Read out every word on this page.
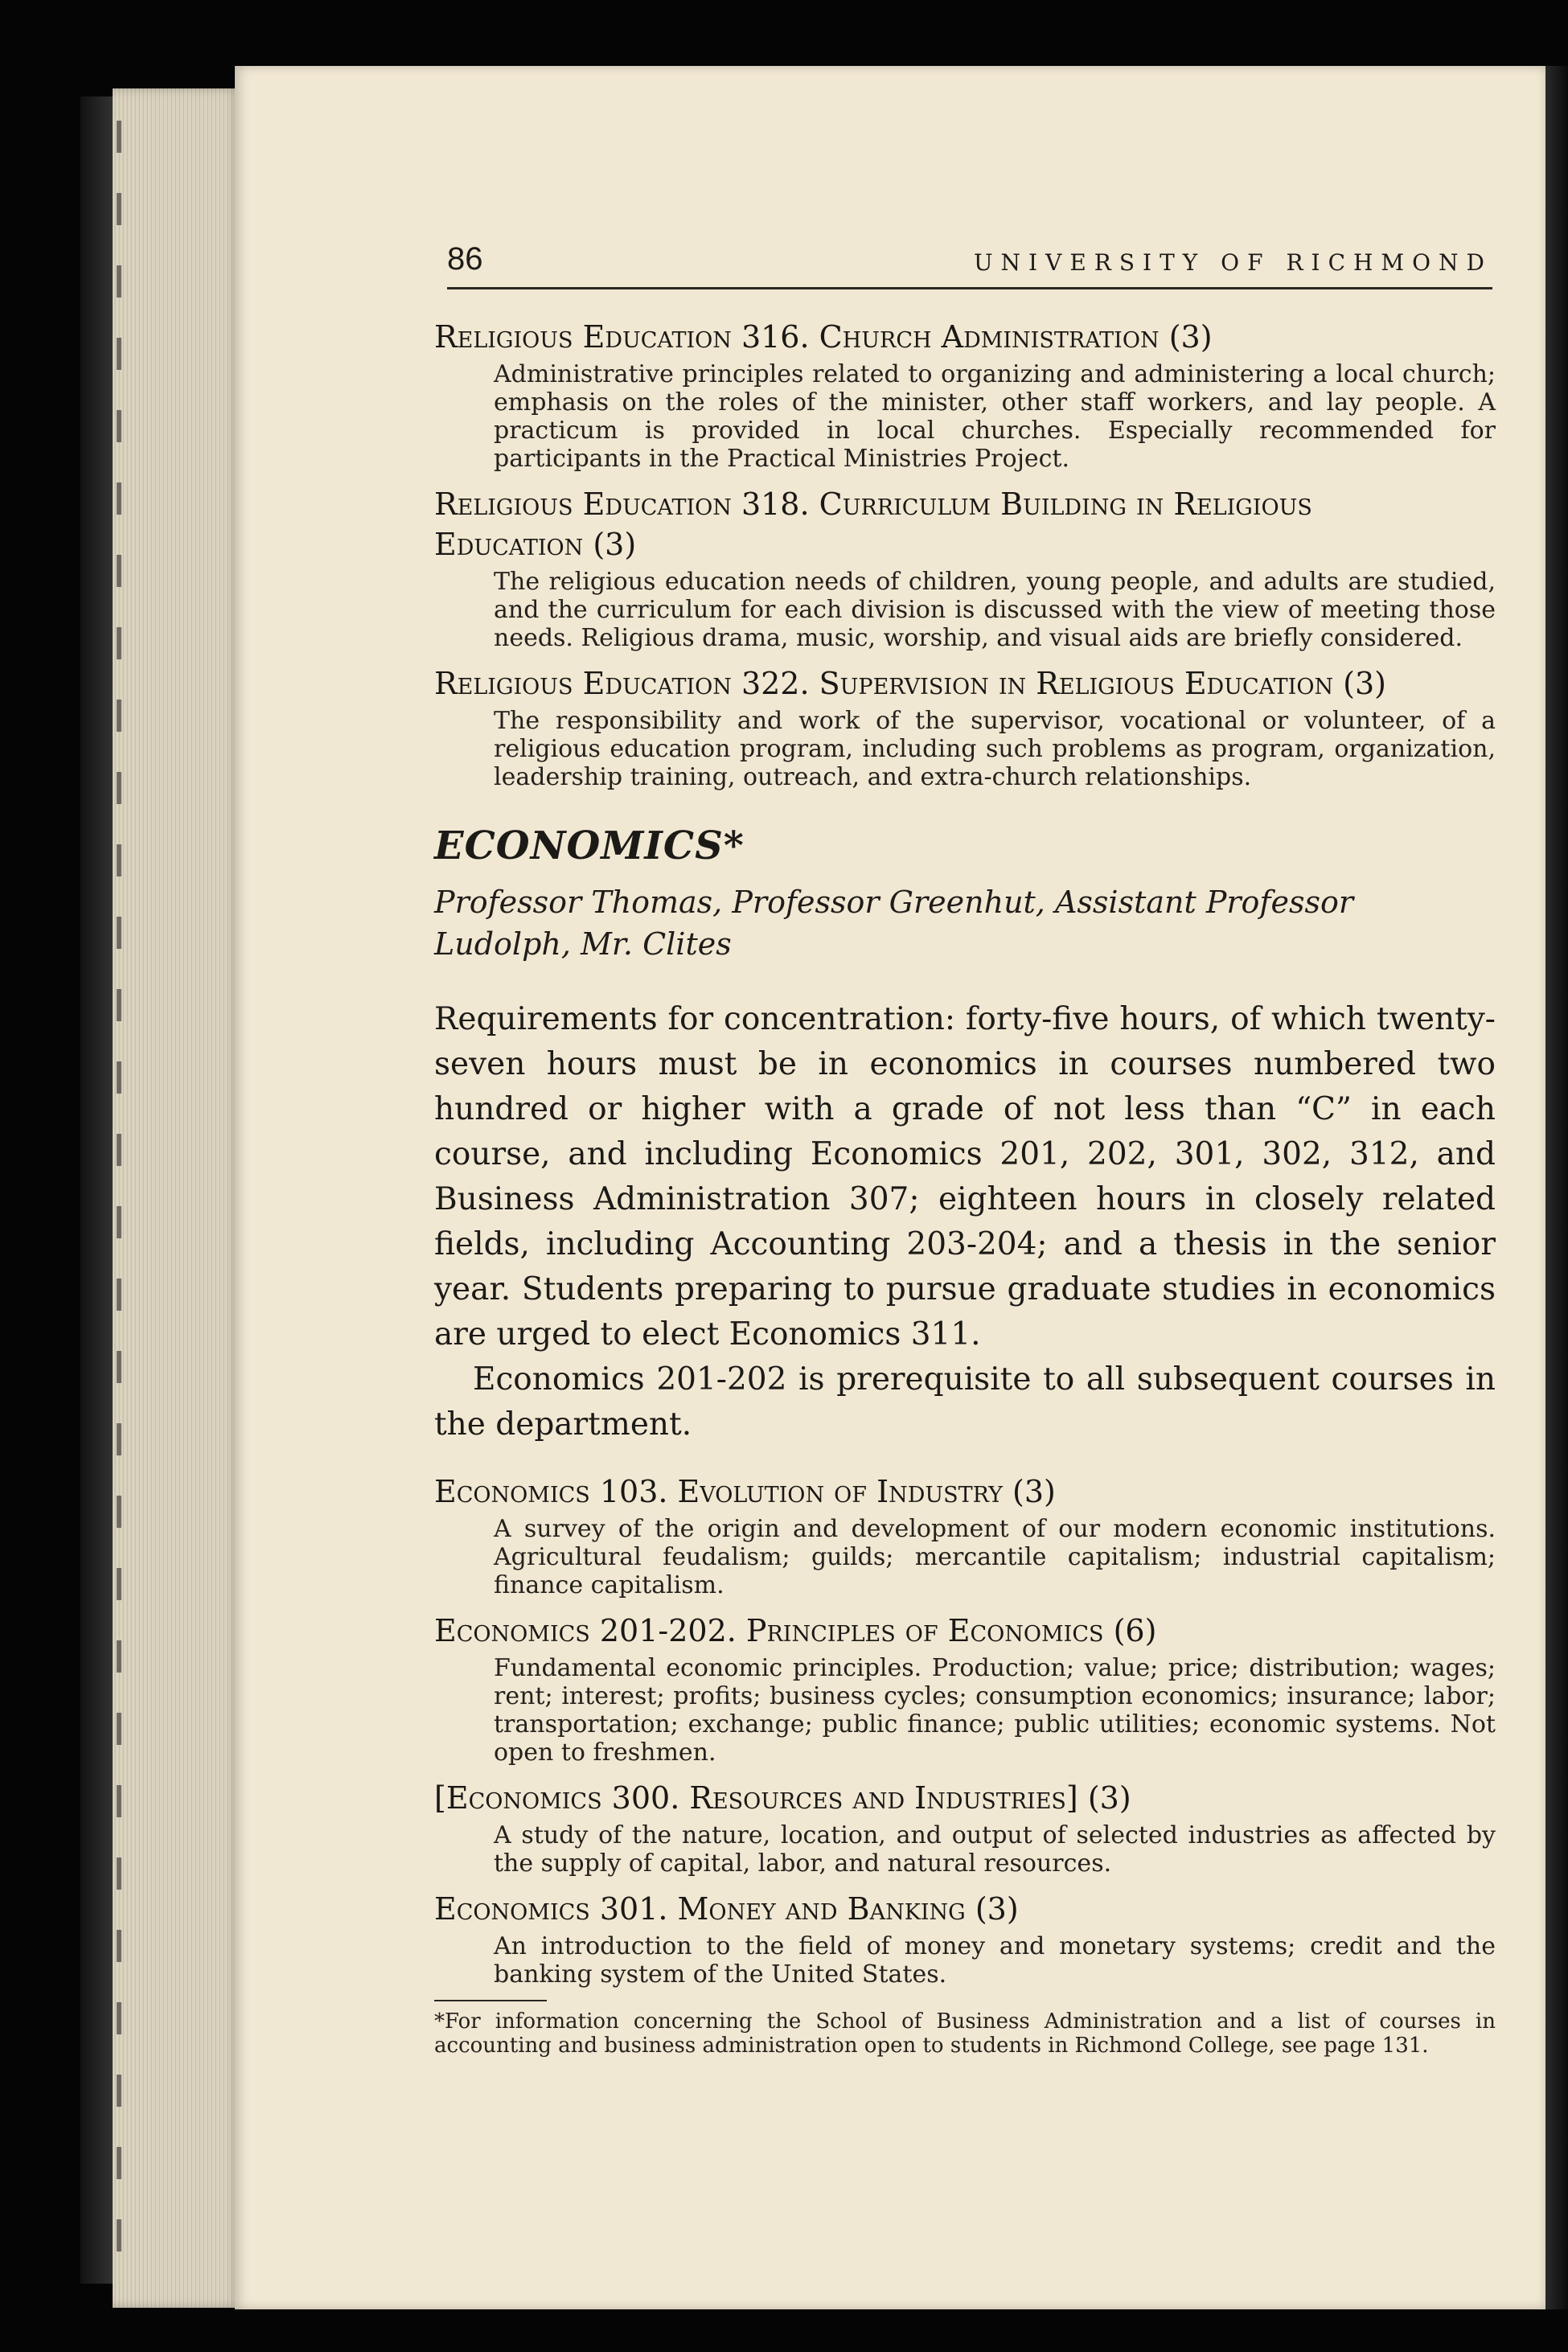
86	UNIVERSITY OF RICHMOND

Religious Education 316. Church Administration (3)

Administrative principles related to organizing and administering a local church; emphasis on the roles of the minister, other staff workers, and lay people. A practicum is provided in local churches. Especially recommended for participants in the Practical Ministries Project.

Religious Education 318. Curriculum Building in Religious

Education (3)

The religious education needs of children, young people, and adults are studied, and the curriculum for each division is discussed with the view of meeting those needs. Religious drama, music, worship, and visual aids are briefly considered.

Religious Education 322. Supervision in Religious Education (3)

The responsibility and work of the supervisor, vocational or volunteer, of a religious education program, including such problems as program, organization, leadership training, outreach, and extra-church relationships.

ECONOMICS*

Professor Thomas, Professor Greenhut, Assistant Professor Ludolph, Mr. Clites

Requirements for concentration: forty-five hours, of which twenty-seven hours must be in economics in courses numbered two hundred or higher with a grade of not less than “C” in each course, and including Economics 201, 202, 301, 302, 312, and Business Administration 307; eighteen hours in closely related fields, including Accounting 203-204; and a thesis in the senior year. Students preparing to pursue graduate studies in economics are urged to elect Economics 311.

Economics 201-202 is prerequisite to all subsequent courses in the department.

Economics 103. Evolution of Industry (3)

A survey of the origin and development of our modern economic institutions. Agricultural feudalism; guilds; mercantile capitalism; industrial capitalism; finance capitalism.

Economics 201-202. Principles of Economics (6)

Fundamental economic principles. Production; value; price; distribution; wages; rent; interest; profits; business cycles; consumption economics; insurance; labor; transportation; exchange; public finance; public utilities; economic systems. Not open to freshmen.

[Economics 300. Resources and Industries] (3)

A study of the nature, location, and output of selected industries as affected by the supply of capital, labor, and natural resources.

Economics 301. Money and Banking (3)

An introduction to the field of money and monetary systems; credit and the banking system of the United States.

*For information concerning the School of Business Administration and a list of courses in accounting and business administration open to students in Richmond College, see page 131.
